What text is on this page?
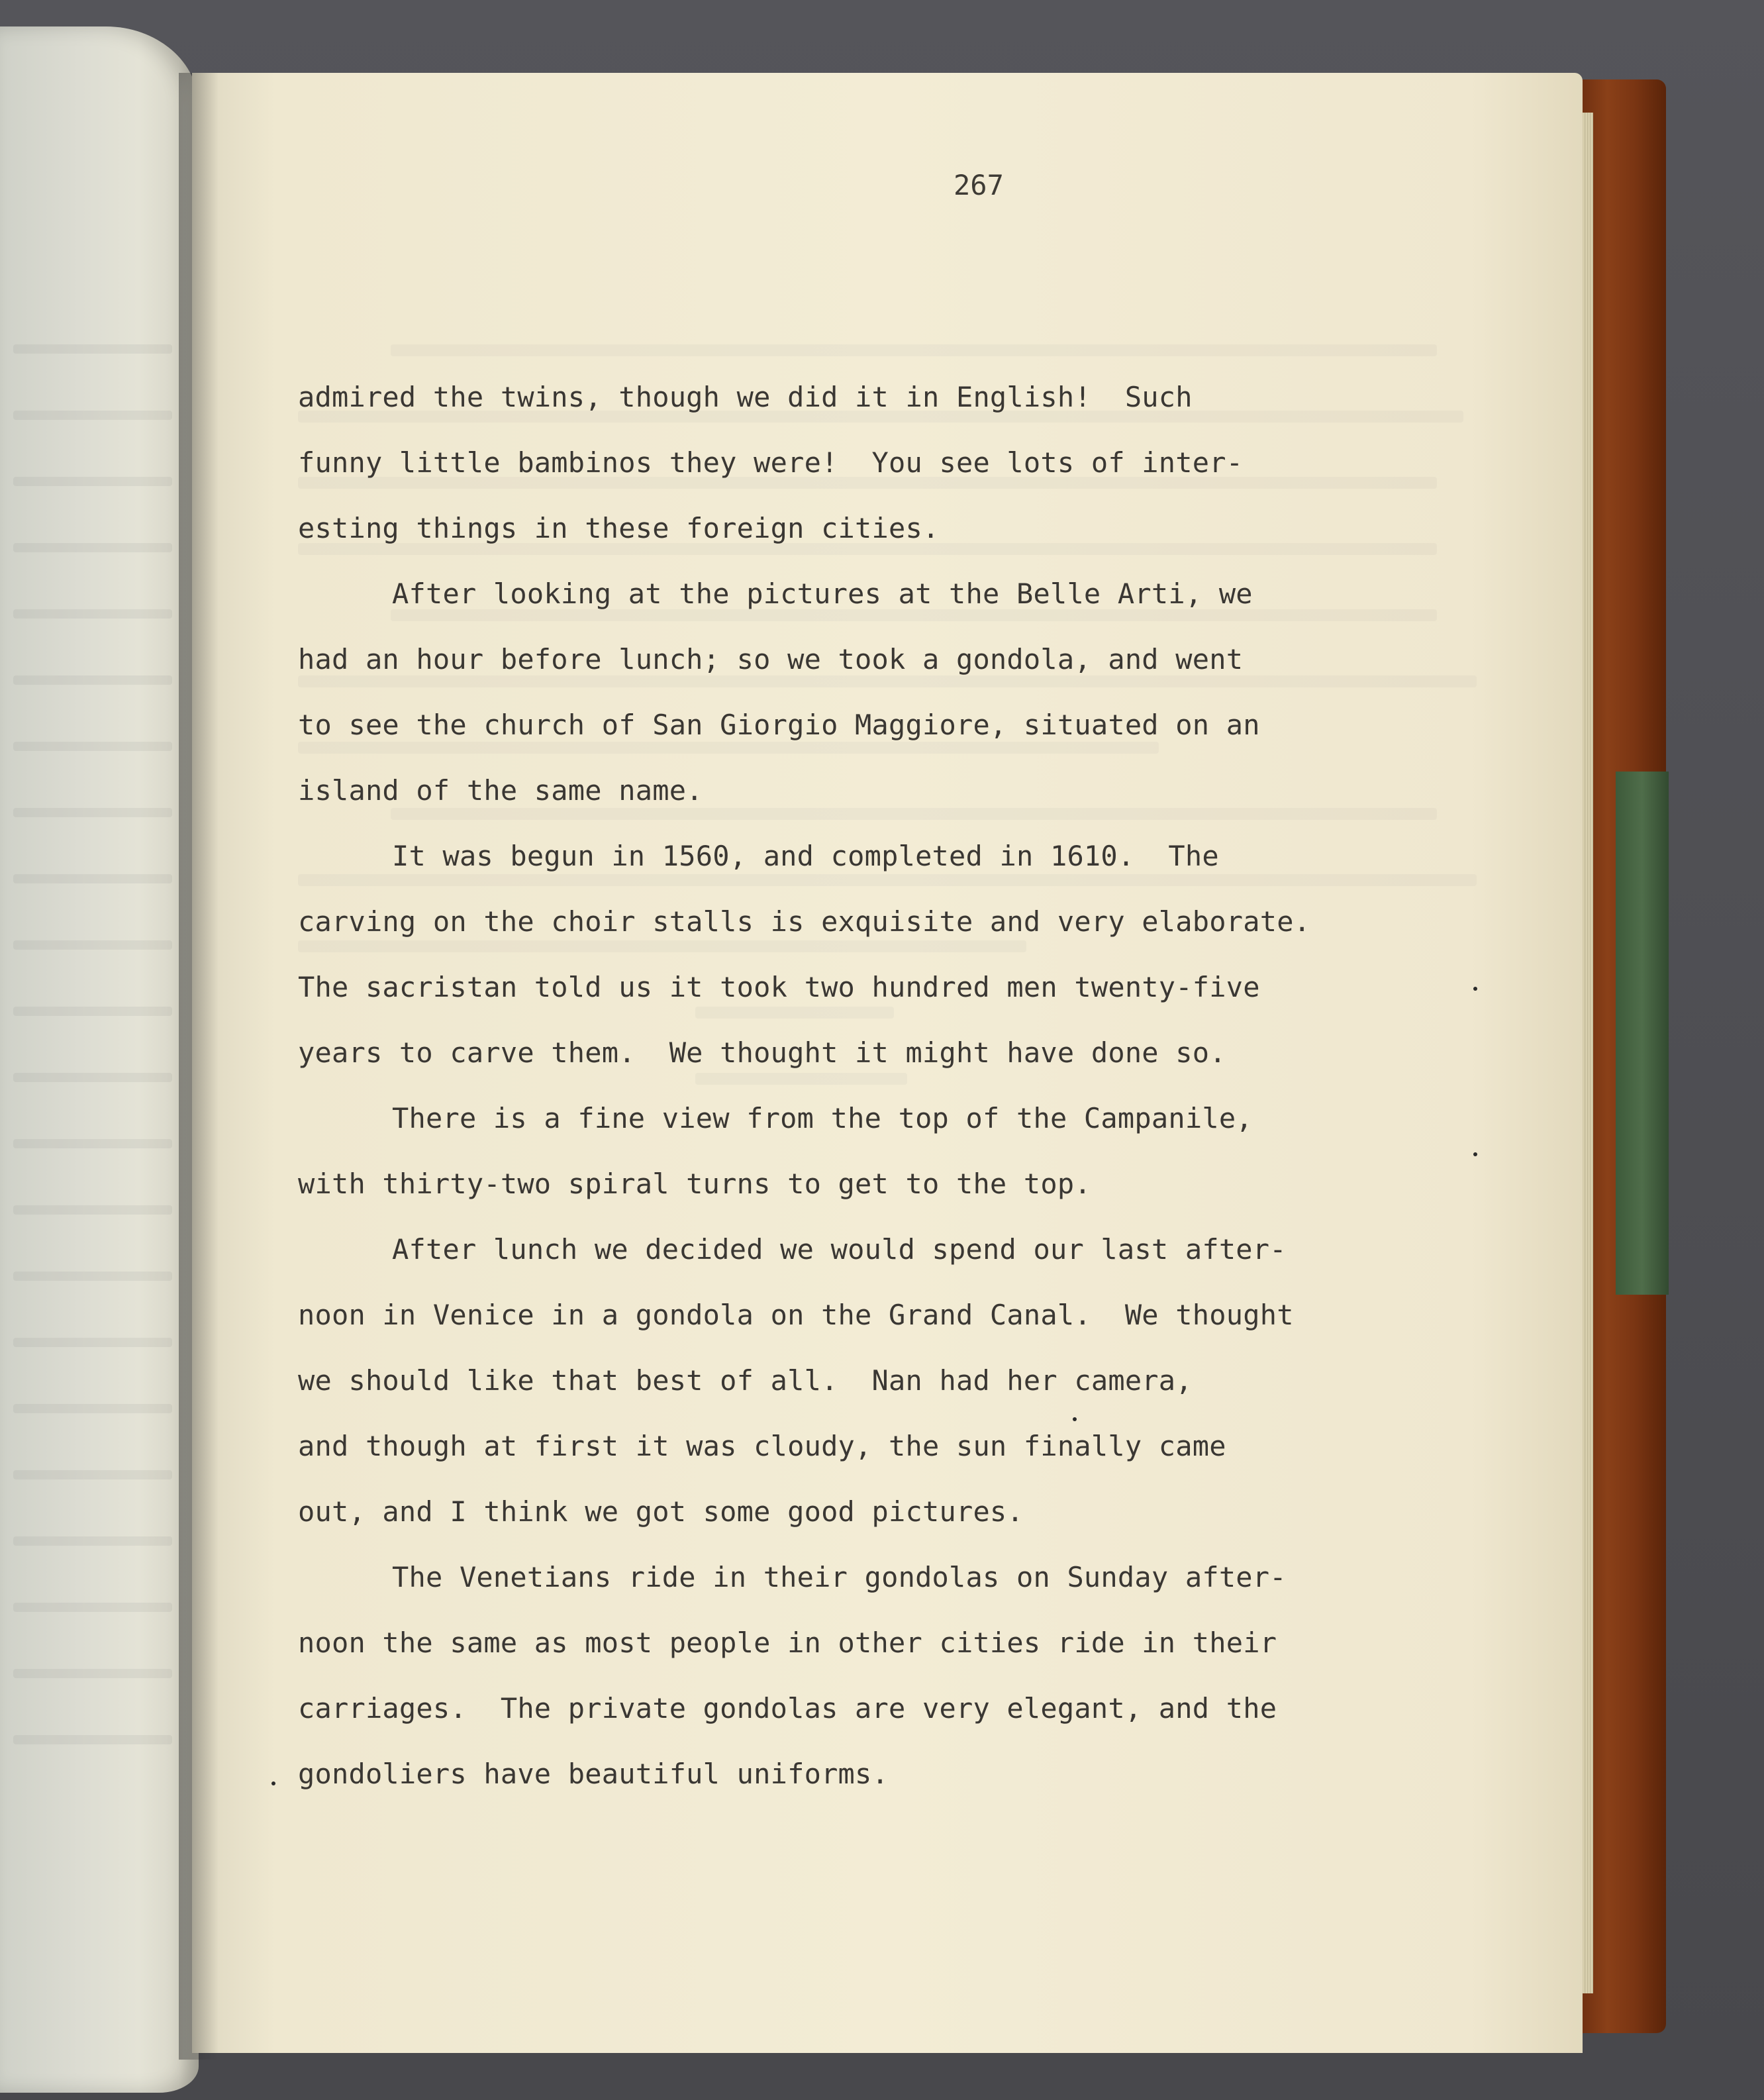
267
admired the twins, though we did it in English!  Such
funny little bambinos they were!  You see lots of inter-
esting things in these foreign cities.
After looking at the pictures at the Belle Arti, we
had an hour before lunch; so we took a gondola, and went
to see the church of San Giorgio Maggiore, situated on an
island of the same name.
It was begun in 1560, and completed in 1610.  The
carving on the choir stalls is exquisite and very elaborate.
The sacristan told us it took two hundred men twenty-five
years to carve them.  We thought it might have done so.
There is a fine view from the top of the Campanile,
with thirty-two spiral turns to get to the top.
After lunch we decided we would spend our last after-
noon in Venice in a gondola on the Grand Canal.  We thought
we should like that best of all.  Nan had her camera,
and though at first it was cloudy, the sun finally came
out, and I think we got some good pictures.
The Venetians ride in their gondolas on Sunday after-
noon the same as most people in other cities ride in their
carriages.  The private gondolas are very elegant, and the
gondoliers have beautiful uniforms.
